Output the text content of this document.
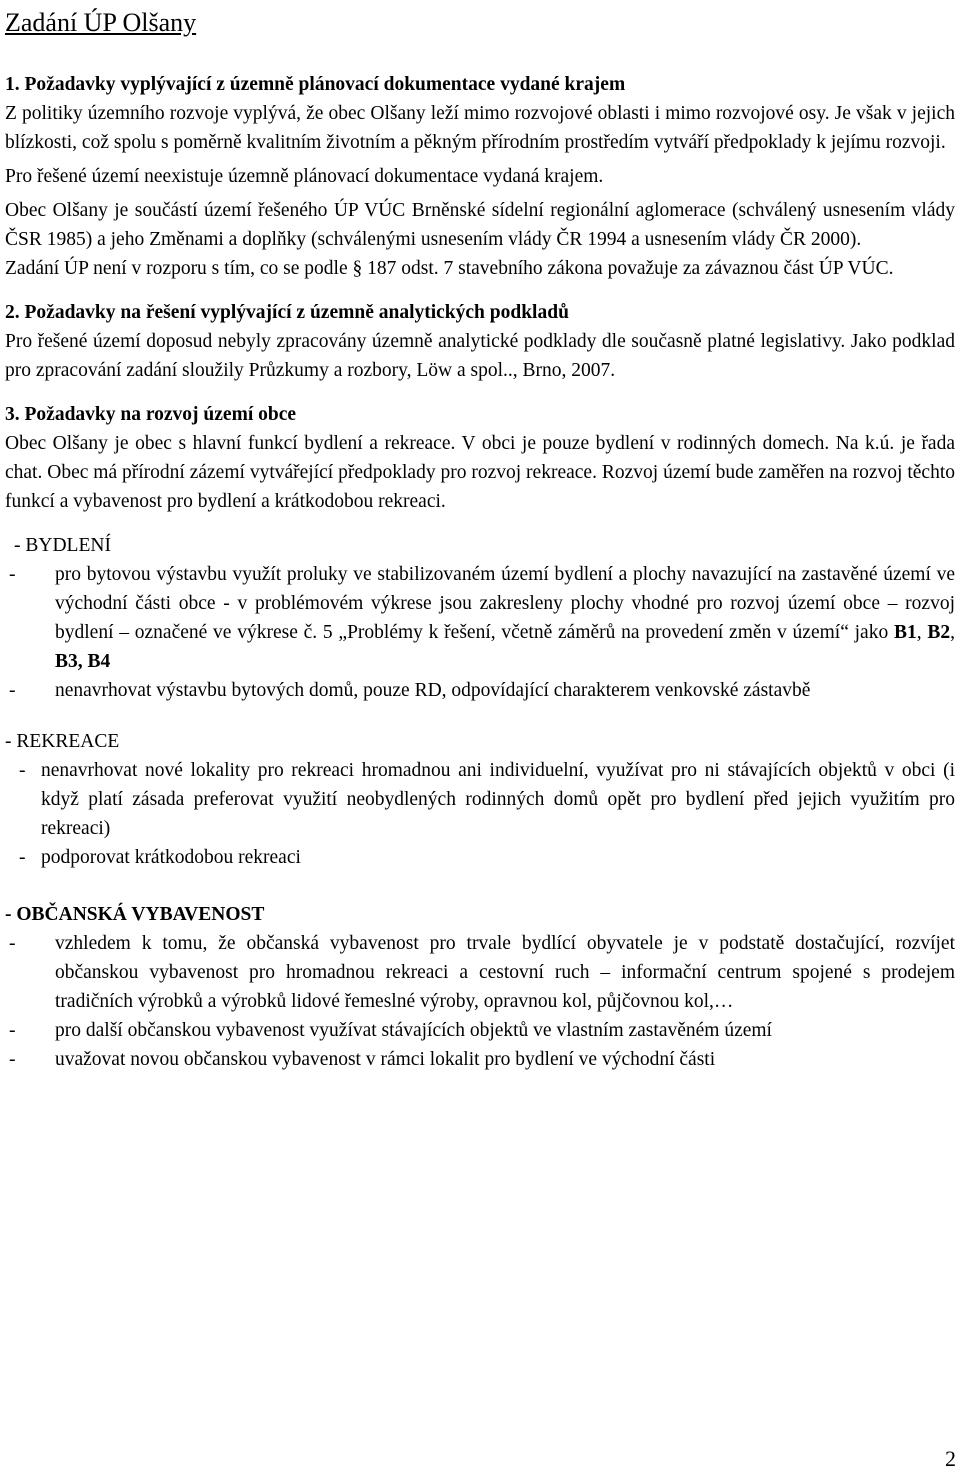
Zadání ÚP Olšany
1. Požadavky vyplývající z územně plánovací dokumentace vydané krajem

Z politiky územního rozvoje vyplývá, že obec Olšany leží mimo rozvojové oblasti i mimo rozvojové osy. Je však v jejich blízkosti, což spolu s poměrně kvalitním životním a pěkným přírodním prostředím vytváří předpoklady k jejímu rozvoji.

Pro řešené území neexistuje územně plánovací dokumentace vydaná krajem.

Obec Olšany je součástí území řešeného ÚP VÚC Brněnské sídelní regionální aglomerace (schválený usnesením vlády ČSR 1985) a jeho Změnami a doplňky (schválenými usnesením vlády ČR 1994 a usnesením vlády ČR 2000).

Zadání ÚP není v rozporu s tím, co se podle § 187 odst. 7 stavebního zákona považuje za závaznou část ÚP VÚC.

2. Požadavky na řešení vyplývající z územně analytických podkladů

Pro řešené území doposud nebyly zpracovány územně analytické podklady dle současně platné legislativy. Jako podklad pro zpracování zadání sloužily Průzkumy a rozbory, Löw a spol.., Brno, 2007.

3. Požadavky na rozvoj území obce

Obec Olšany je obec s hlavní funkcí bydlení a rekreace. V obci je pouze bydlení v rodinných domech. Na k.ú. je řada chat. Obec má přírodní zázemí vytvářející předpoklady pro rozvoj rekreace. Rozvoj území bude zaměřen na rozvoj těchto funkcí a vybavenost pro bydlení a krátkodobou rekreaci.

- BYDLENÍ
- pro bytovou výstavbu využít proluky ve stabilizovaném území bydlení a plochy navazující na zastavěné území ve východní části obce - v problémovém výkrese jsou zakresleny plochy vhodné pro rozvoj území obce – rozvoj bydlení – označené ve výkrese č. 5 „Problémy k řešení, včetně záměrů na provedení změn v území“ jako B1, B2, B3, B4
- nenavrhovat výstavbu bytových domů, pouze RD, odpovídající charakterem venkovské zástavbě
- REKREACE
- nenavrhovat nové lokality pro rekreaci hromadnou ani individuelní, využívat pro ni stávajících objektů v obci (i když platí zásada preferovat využití neobydlených rodinných domů opět pro bydlení před jejich využitím pro rekreaci)
- podporovat krátkodobou rekreaci
- OBČANSKÁ VYBAVENOST
- vzhledem k tomu, že občanská vybavenost pro trvale bydlící obyvatele je v podstatě dostačující, rozvíjet občanskou vybavenost pro hromadnou rekreaci a cestovní ruch – informační centrum spojené s prodejem tradičních výrobků a výrobků lidové řemeslné výroby, opravnou kol, půjčovnou kol,…
- pro další občanskou vybavenost využívat stávajících objektů ve vlastním zastavěném území
- uvažovat novou občanskou vybavenost v rámci lokalit pro bydlení ve východní části
2
